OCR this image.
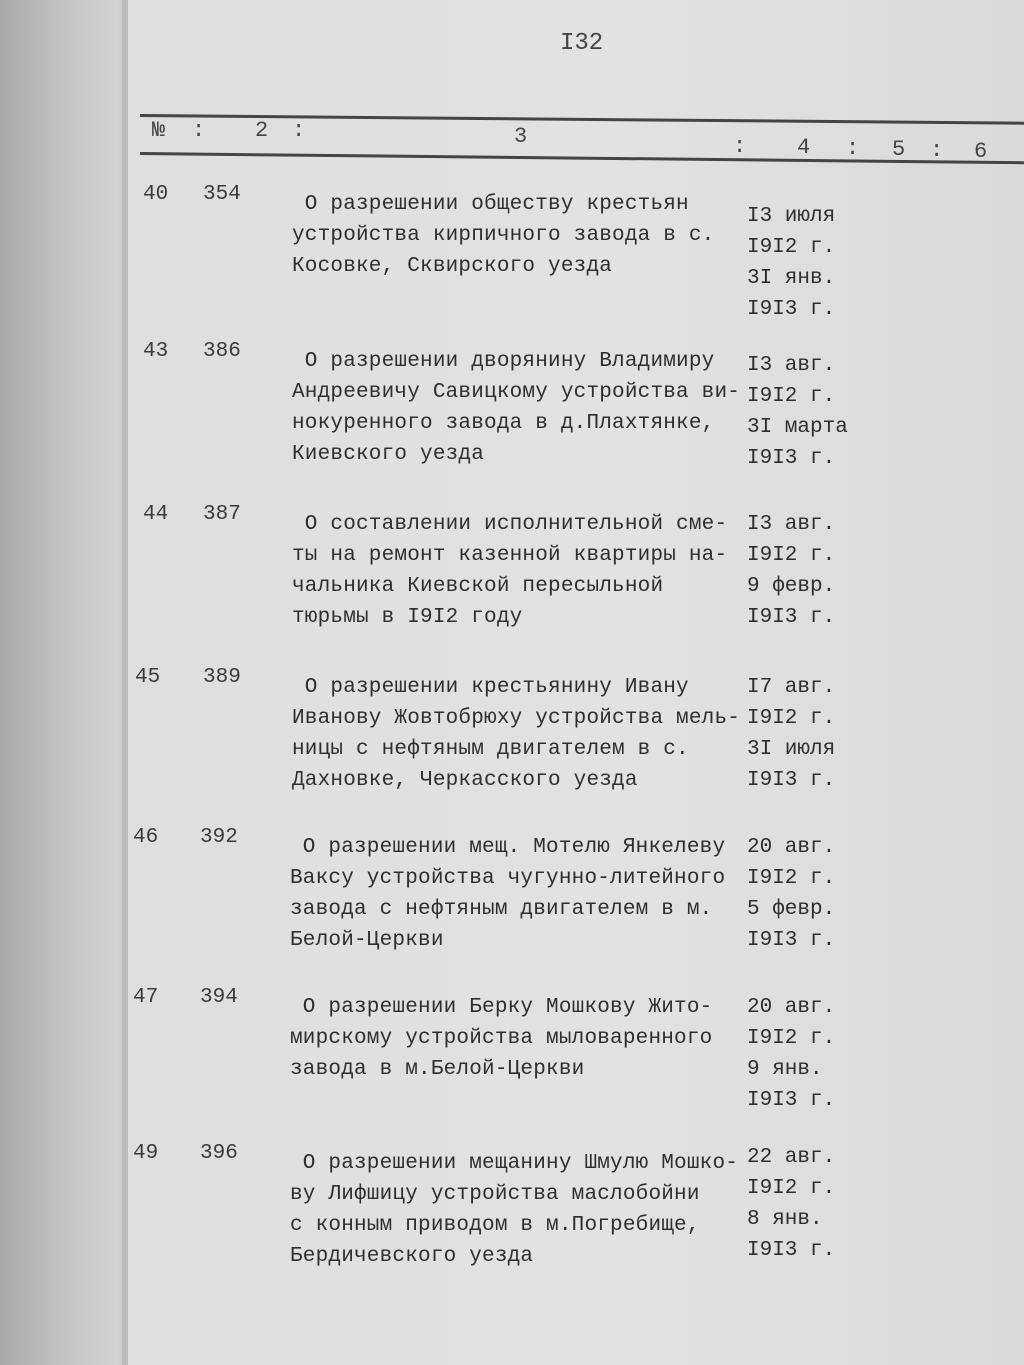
I32
№ : 2 :	3	: 4 : 5 : 6
40 354 О разрешении обществу крестьян
устройства кирпичного завода в с.
Косовке, Сквирского уезда
I3 июля
I9I2 г.
3I янв.
I9I3 г.
43 386 О разрешении дворянину Владимиру
Андреевичу Савицкому устройства ви-
нокуренного завода в д.Плахтянке,
Киевского уезда
I3 авг.
I9I2 г.
3I марта
I9I3 г.
44 387 О составлении исполнительной сме-
ты на ремонт казенной квартиры на-
чальника Киевской пересыльной
тюрьмы в I9I2 году
I3 авг.
I9I2 г.
9 февр.
I9I3 г.
45 389 О разрешении крестьянину Ивану
Иванову Жовтобрюху устройства мель-
ницы с нефтяным двигателем в с.
Дахновке, Черкасского уезда
I7 авг.
I9I2 г.
3I июля
I9I3 г.
46 392 О разрешении мещ. Мотелю Янкелеву
Ваксу устройства чугунно-литейного
завода с нефтяным двигателем в м.
Белой-Церкви
20 авг.
I9I2 г.
5 февр.
I9I3 г.
47 394 О разрешении Берку Мошкову Жито-
мирскому устройства мыловаренного
завода в м.Белой-Церкви
20 авг.
I9I2 г.
9 янв.
I9I3 г.
49 396 О разрешении мещанину Шмулю Мошко-
ву Лифшицу устройства маслобойни
с конным приводом в м.Погребище,
Бердичевского уезда
22 авг.
I9I2 г.
8 янв.
I9I3 г.
